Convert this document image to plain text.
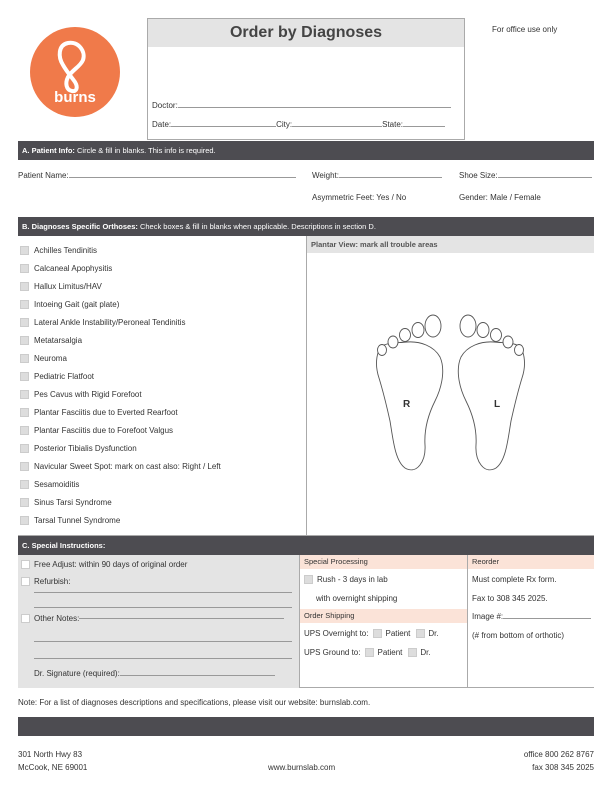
burns
Order by Diagnoses
Doctor:
Date:	City:	State:
For office use only
A. Patient Info: Circle & fill in blanks. This info is required.
Patient Name:	Weight:	Shoe Size:
Asymmetric Feet: Yes / No	Gender: Male / Female
B. Diagnoses Specific Orthoses: Check boxes & fill in blanks when applicable. Descriptions in section D.
Achilles Tendinitis
Calcaneal Apophysitis
Hallux Limitus/HAV
Intoeing Gait (gait plate)
Lateral Ankle Instability/Peroneal Tendinitis
Metatarsalgia
Neuroma
Pediatric Flatfoot
Pes Cavus with Rigid Forefoot
Plantar Fasciitis due to Everted Rearfoot
Plantar Fasciitis due to Forefoot Valgus
Posterior Tibialis Dysfunction
Navicular Sweet Spot: mark on cast also: Right / Left
Sesamoiditis
Sinus Tarsi Syndrome
Tarsal Tunnel Syndrome
Plantar View: mark all trouble areas
R	L
C. Special Instructions:
Free Adjust: within 90 days of original order
Refurbish:
Other Notes:
Dr. Signature (required):
Special Processing
Rush - 3 days in lab
with overnight shipping
Order Shipping
UPS Overnight to: Patient Dr.
UPS Ground to: Patient Dr.
Reorder
Must complete Rx form.
Fax to 308 345 2025.
Image #:
(# from bottom of orthotic)
Note: For a list of diagnoses descriptions and specifications, please visit our website: burnslab.com.
301 North Hwy 83
McCook, NE 69001	www.burnslab.com
office 800 262 8767
fax 308 345 2025
